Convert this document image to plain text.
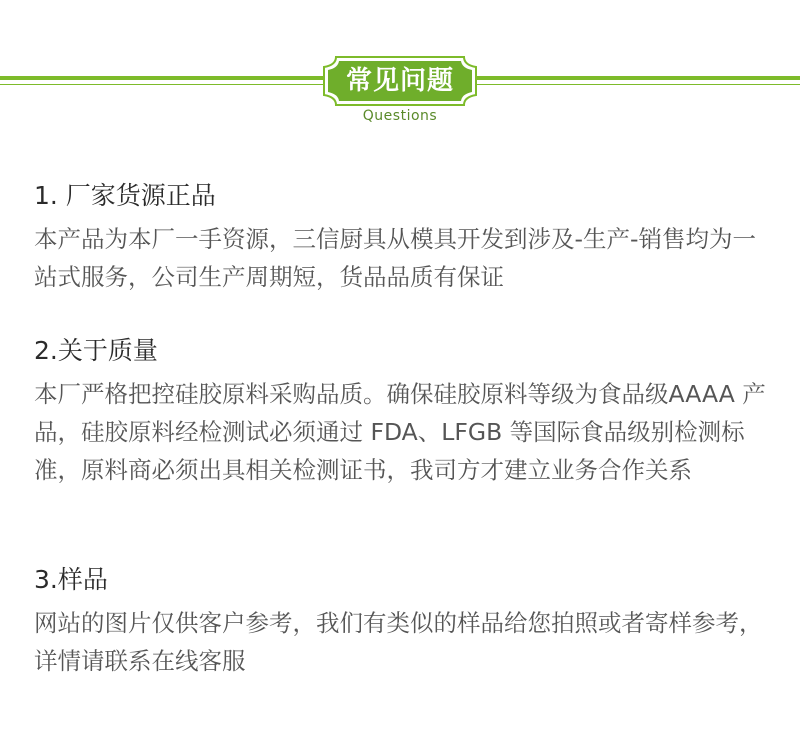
常见问题
Questions

1. 厂家货源正品

本产品为本厂一手资源，三信厨具从模具开发到涉及-生产-销售均为一站式服务，公司生产周期短，货品品质有保证

2.关于质量

本厂严格把控硅胶原料采购品质。确保硅胶原料等级为食品级AAAA 产品，硅胶原料经检测试必须通过 FDA、LFGB 等国际食品级别检测标准，原料商必须出具相关检测证书，我司方才建立业务合作关系

3.样品

网站的图片仅供客户参考，我们有类似的样品给您拍照或者寄样参考，详情请联系在线客服
